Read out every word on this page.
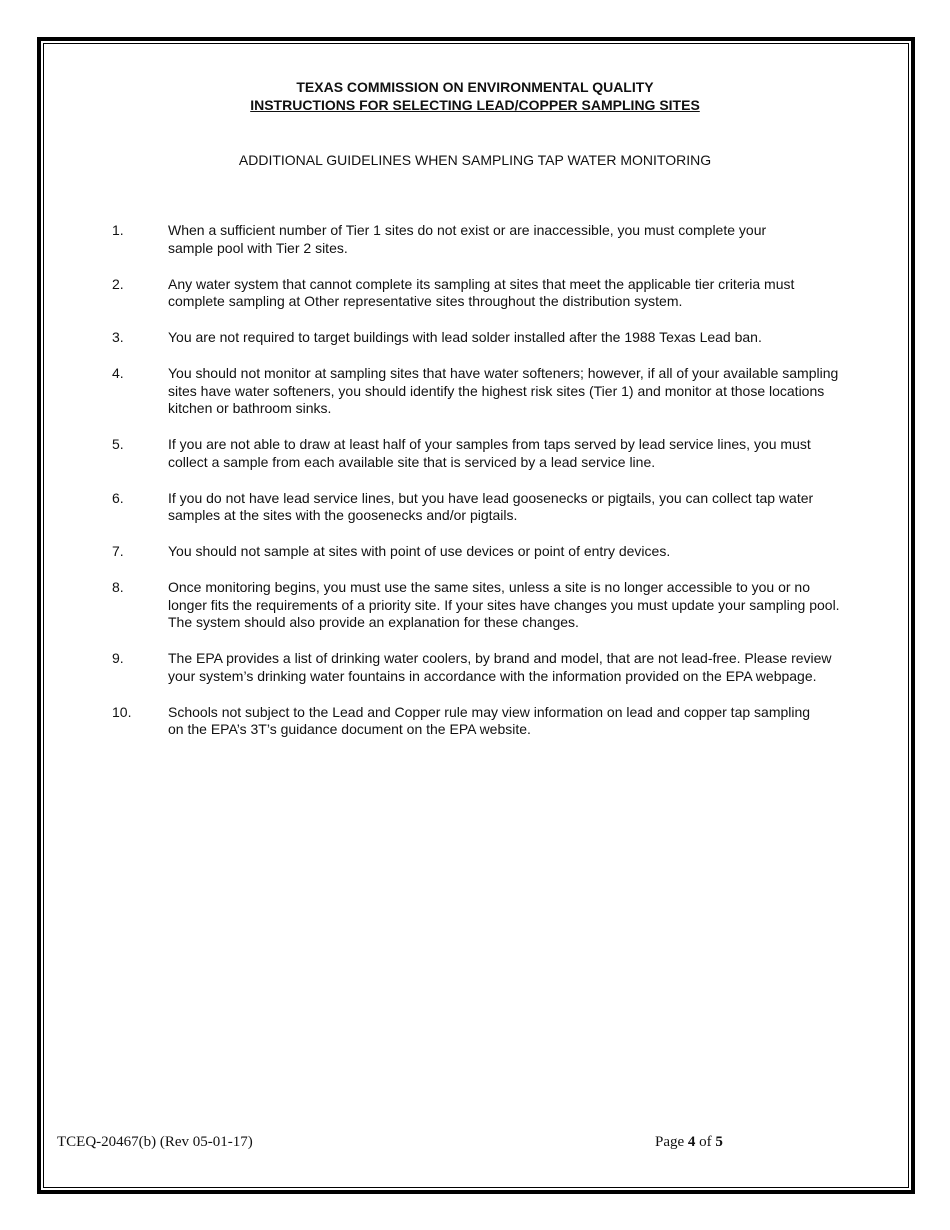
TEXAS COMMISSION ON ENVIRONMENTAL QUALITY
INSTRUCTIONS FOR SELECTING LEAD/COPPER SAMPLING SITES
ADDITIONAL GUIDELINES WHEN SAMPLING TAP WATER MONITORING
1.	When a sufficient number of Tier 1 sites do not exist or are inaccessible, you must complete your
sample pool with Tier 2 sites.
2.	Any water system that cannot complete its sampling at sites that meet the applicable tier criteria must
complete sampling at Other representative sites throughout the distribution system.
3.	You are not required to target buildings with lead solder installed after the 1988 Texas Lead ban.
4.	You should not monitor at sampling sites that have water softeners; however, if all of your available sampling
sites have water softeners, you should identify the highest risk sites (Tier 1) and monitor at those locations
kitchen or bathroom sinks.
5.	If you are not able to draw at least half of your samples from taps served by lead service lines, you must
collect a sample from each available site that is serviced by a lead service line.
6.	If you do not have lead service lines, but you have lead goosenecks or pigtails, you can collect tap water
samples at the sites with the goosenecks and/or pigtails.
7.	You should not sample at sites with point of use devices or point of entry devices.
8.	Once monitoring begins, you must use the same sites, unless a site is no longer accessible to you or no
longer fits the requirements of a priority site. If your sites have changes you must update your sampling pool.
The system should also provide an explanation for these changes.
9.	The EPA provides a list of drinking water coolers, by brand and model, that are not lead-free. Please review
your system’s drinking water fountains in accordance with the information provided on the EPA webpage.
10.	Schools not subject to the Lead and Copper rule may view information on lead and copper tap sampling
on the EPA’s 3T’s guidance document on the EPA website.
TCEQ-20467(b) (Rev 05-01-17)	Page 4 of 5
